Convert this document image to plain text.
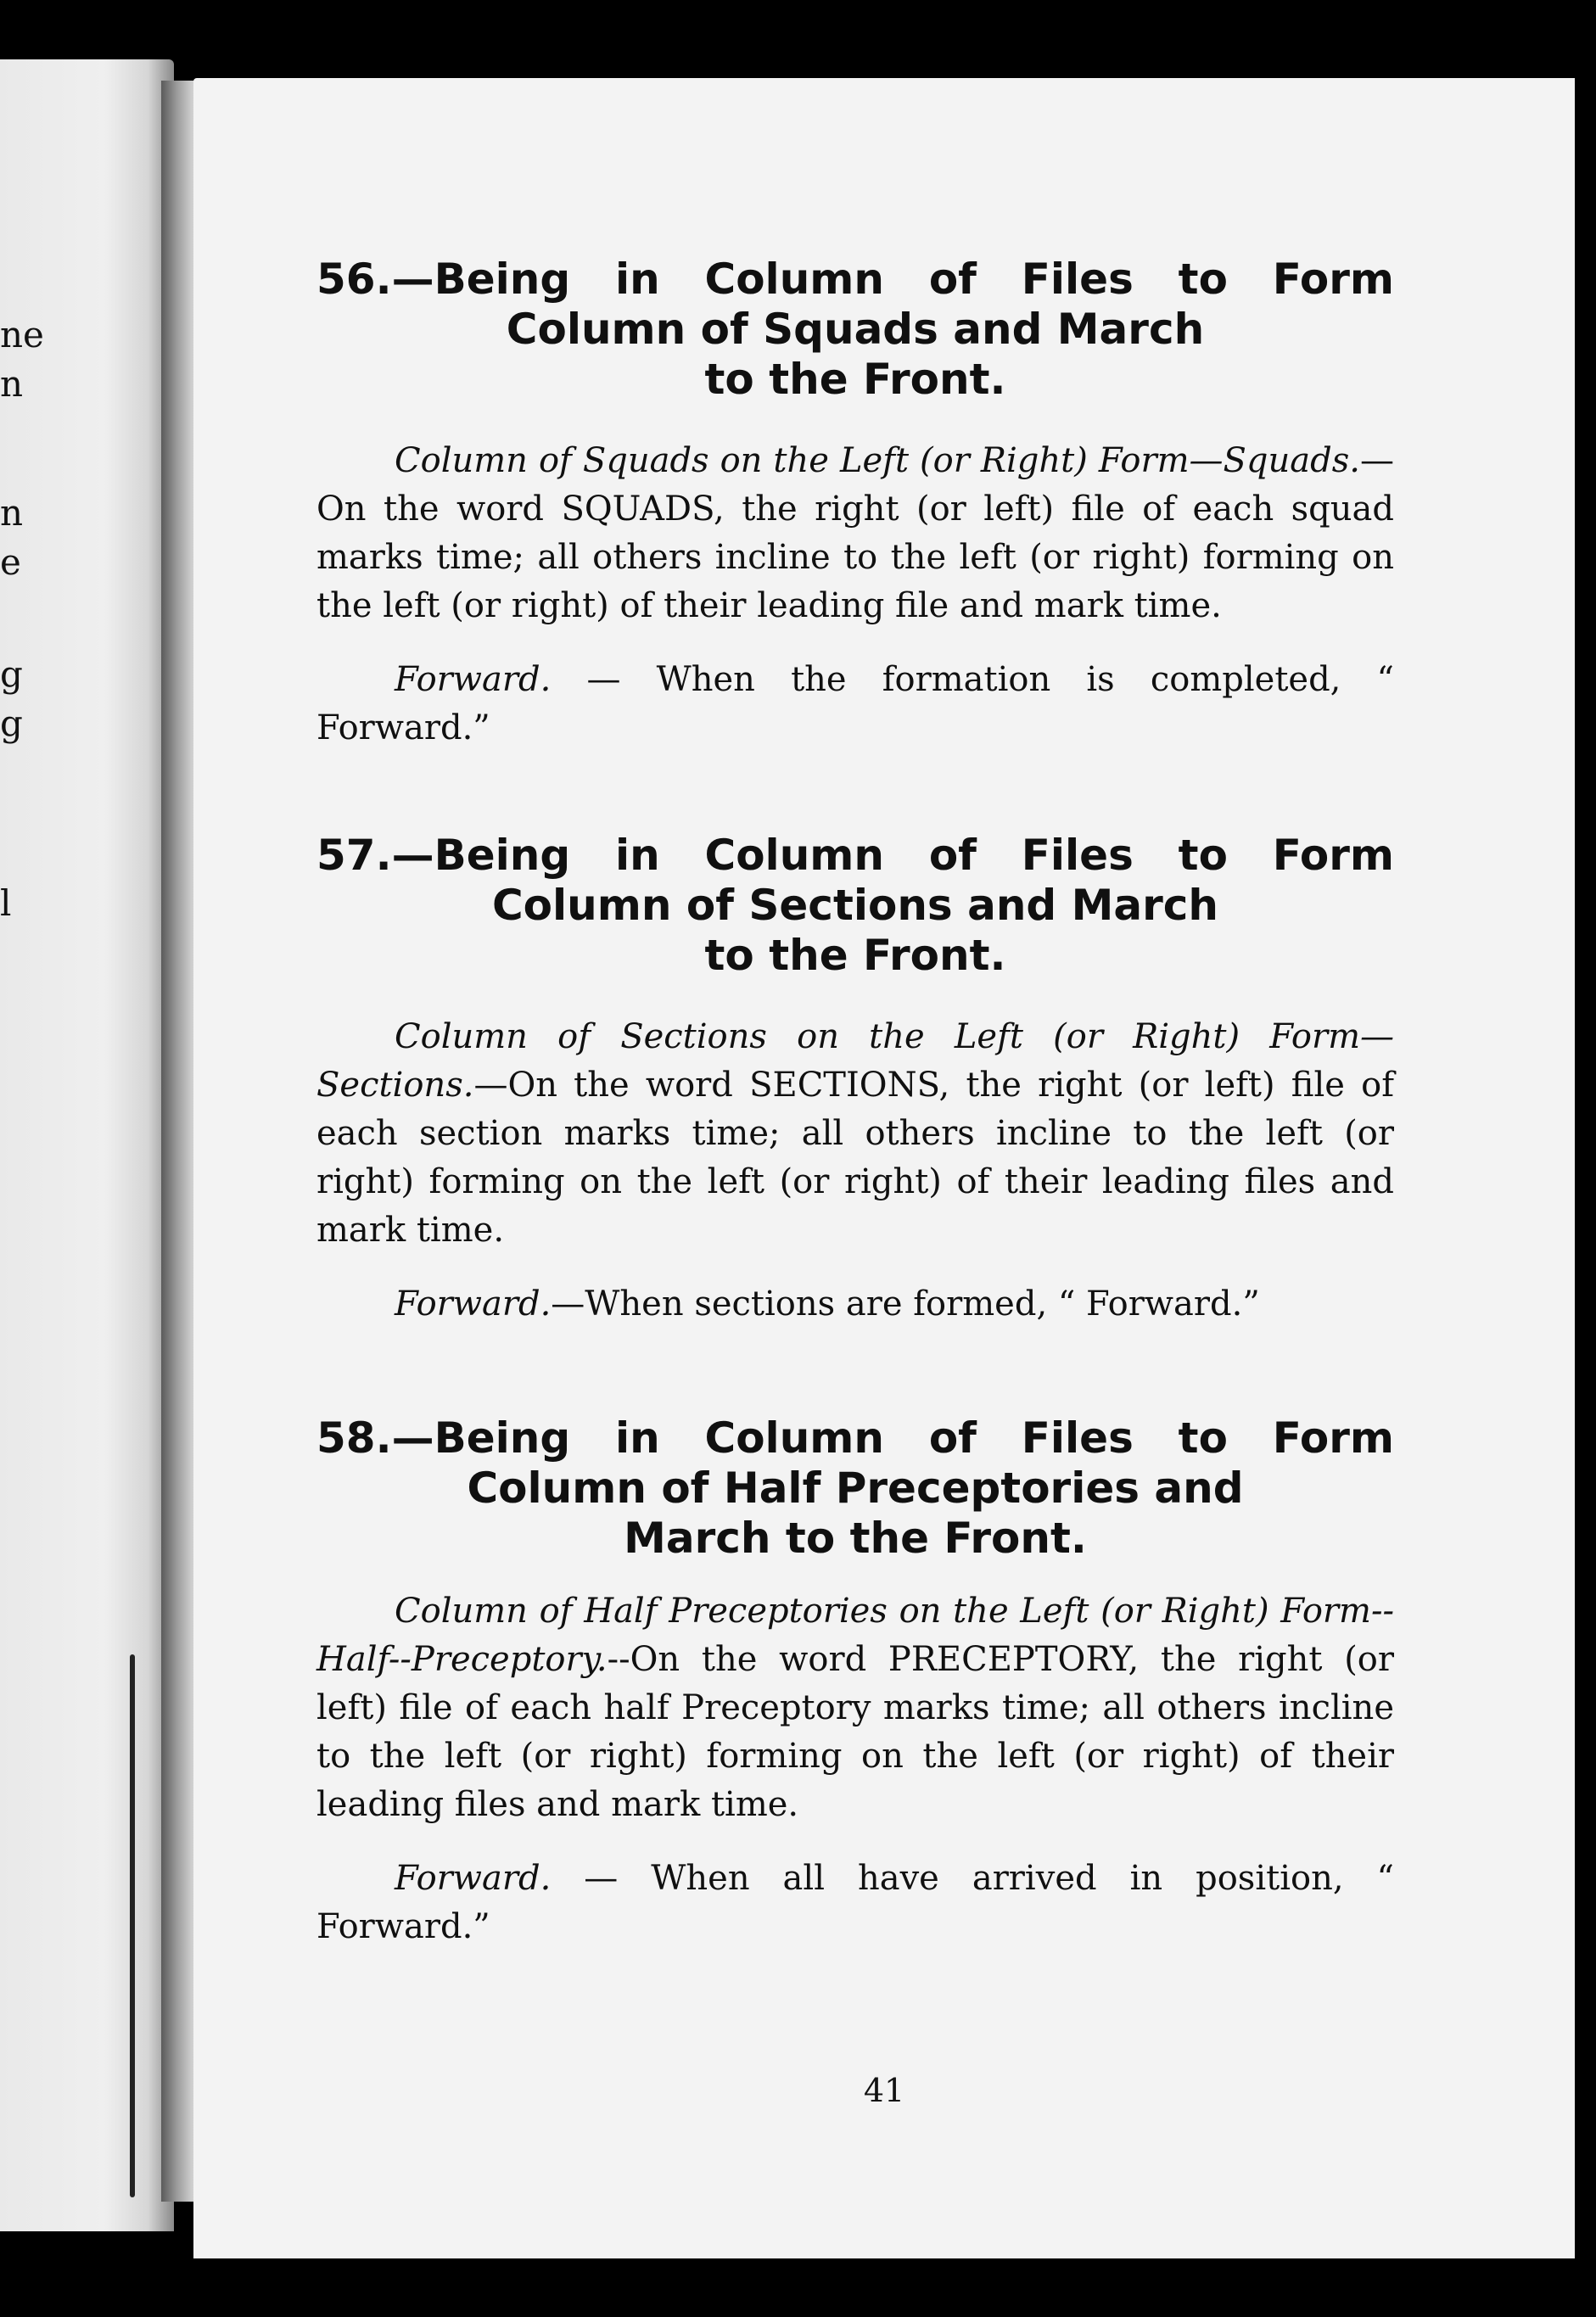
ne
n
n
e
g
g
l
56.—Being in Column of Files to Form
Column of Squads and March
to the Front.

Column of Squads on the Left (or Right) Form—Squads.—On the word SQUADS, the right (or left) file of each squad marks time; all others incline to the left (or right) forming on the left (or right) of their leading file and mark time.

Forward. — When the formation is completed, “ Forward.”

57.—Being in Column of Files to Form
Column of Sections and March
to the Front.

Column of Sections on the Left (or Right) Form—Sections.—On the word SECTIONS, the right (or left) file of each section marks time; all others incline to the left (or right) forming on the left (or right) of their leading files and mark time.

Forward.—When sections are formed, “ Forward.”

58.—Being in Column of Files to Form
Column of Half Preceptories and
March to the Front.

Column of Half Preceptories on the Left (or Right) Form--Half--Preceptory.--On the word PRECEPTORY, the right (or left) file of each half Preceptory marks time; all others incline to the left (or right) forming on the left (or right) of their leading files and mark time.

Forward. — When all have arrived in position, “ Forward.”

41
